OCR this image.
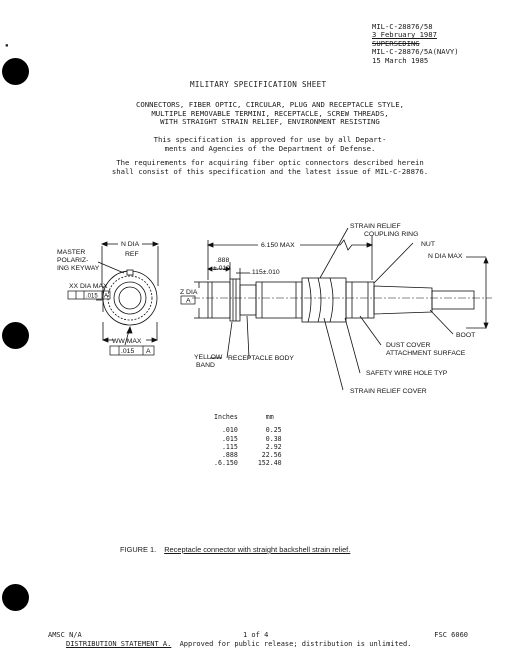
▪
MIL-C-28876/58
3 February 1987
SUPERSEDING
MIL-C-28876/5A(NAVY)
15 March 1985
MILITARY SPECIFICATION SHEET
CONNECTORS, FIBER OPTIC, CIRCULAR, PLUG AND RECEPTACLE STYLE,
MULTIPLE REMOVABLE TERMINI, RECEPTACLE, SCREW THREADS,
WITH STRAIGHT STRAIN RELIEF, ENVIRONMENT RESISTING
This specification is approved for use by all Depart-
ments and Agencies of the Department of Defense.
The requirements for acquiring fiber optic connectors described herein
shall consist of this specification and the latest issue of MIL-C-28876.
N DIA
REF
MASTER
POLARIZ-
ING KEYWAY
XX DIA MAX
.015 A
WW MAX
.015 A
Z DIA
A
YELLOW
BAND
RECEPTACLE BODY
.888
±.010
.115±.010
6.150 MAX
STRAIN RELIEF
COUPLING RING
NUT
N DIA MAX
BOOT
DUST COVER
ATTACHMENT SURFACE
SAFETY WIRE HOLE TYP
STRAIN RELIEF COVER
Inches	mm

.010	0.25
.015	0.38
.115	2.92
.888	22.56
.6.150	152.40
FIGURE 1. Receptacle connector with straight backshell strain relief.
AMSC N/A	1 of 4	FSC 6060
DISTRIBUTION STATEMENT A. Approved for public release; distribution is unlimited.
